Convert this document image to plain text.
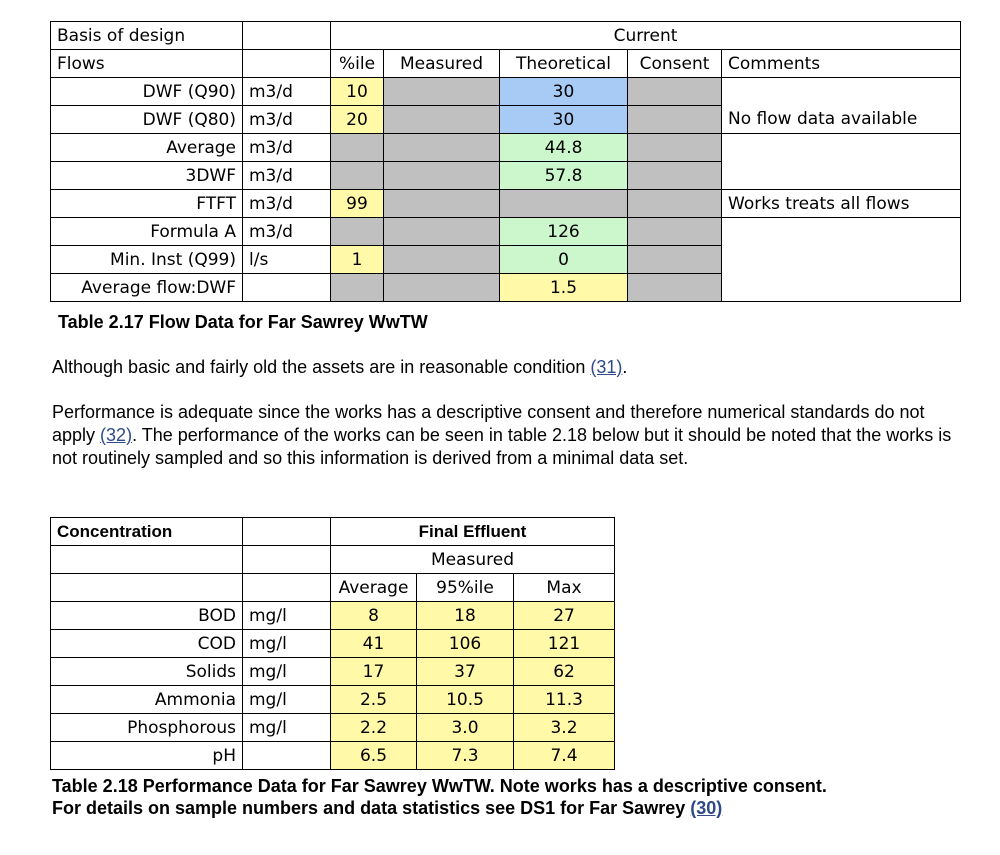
Basis of design		Current				
Flows		%ile	Measured	Theoretical	Consent	Comments
DWF (Q90)	m3/d	10		30		
DWF (Q80)	m3/d	20		30		No flow data available
Average	m3/d			44.8		
3DWF	m3/d			57.8		
FTFT	m3/d	99				Works treats all flows
Formula A	m3/d			126		
Min. Inst (Q99)	l/s	1		0		
Average flow:DWF				1.5		
Table 2.17 Flow Data for Far Sawrey WwTW
Although basic and fairly old the assets are in reasonable condition (31).
Performance is adequate since the works has a descriptive consent and therefore numerical standards do not apply (32). The performance of the works can be seen in table 2.18 below but it should be noted that the works is not routinely sampled and so this information is derived from a minimal data set.
Concentration		Final Effluent		
		Measured		
		Average	95%ile	Max
BOD	mg/l	8	18	27
COD	mg/l	41	106	121
Solids	mg/l	17	37	62
Ammonia	mg/l	2.5	10.5	11.3
Phosphorous	mg/l	2.2	3.0	3.2
pH		6.5	7.3	7.4
Table 2.18 Performance Data for Far Sawrey WwTW. Note works has a descriptive consent.
For details on sample numbers and data statistics see DS1 for Far Sawrey (30)
